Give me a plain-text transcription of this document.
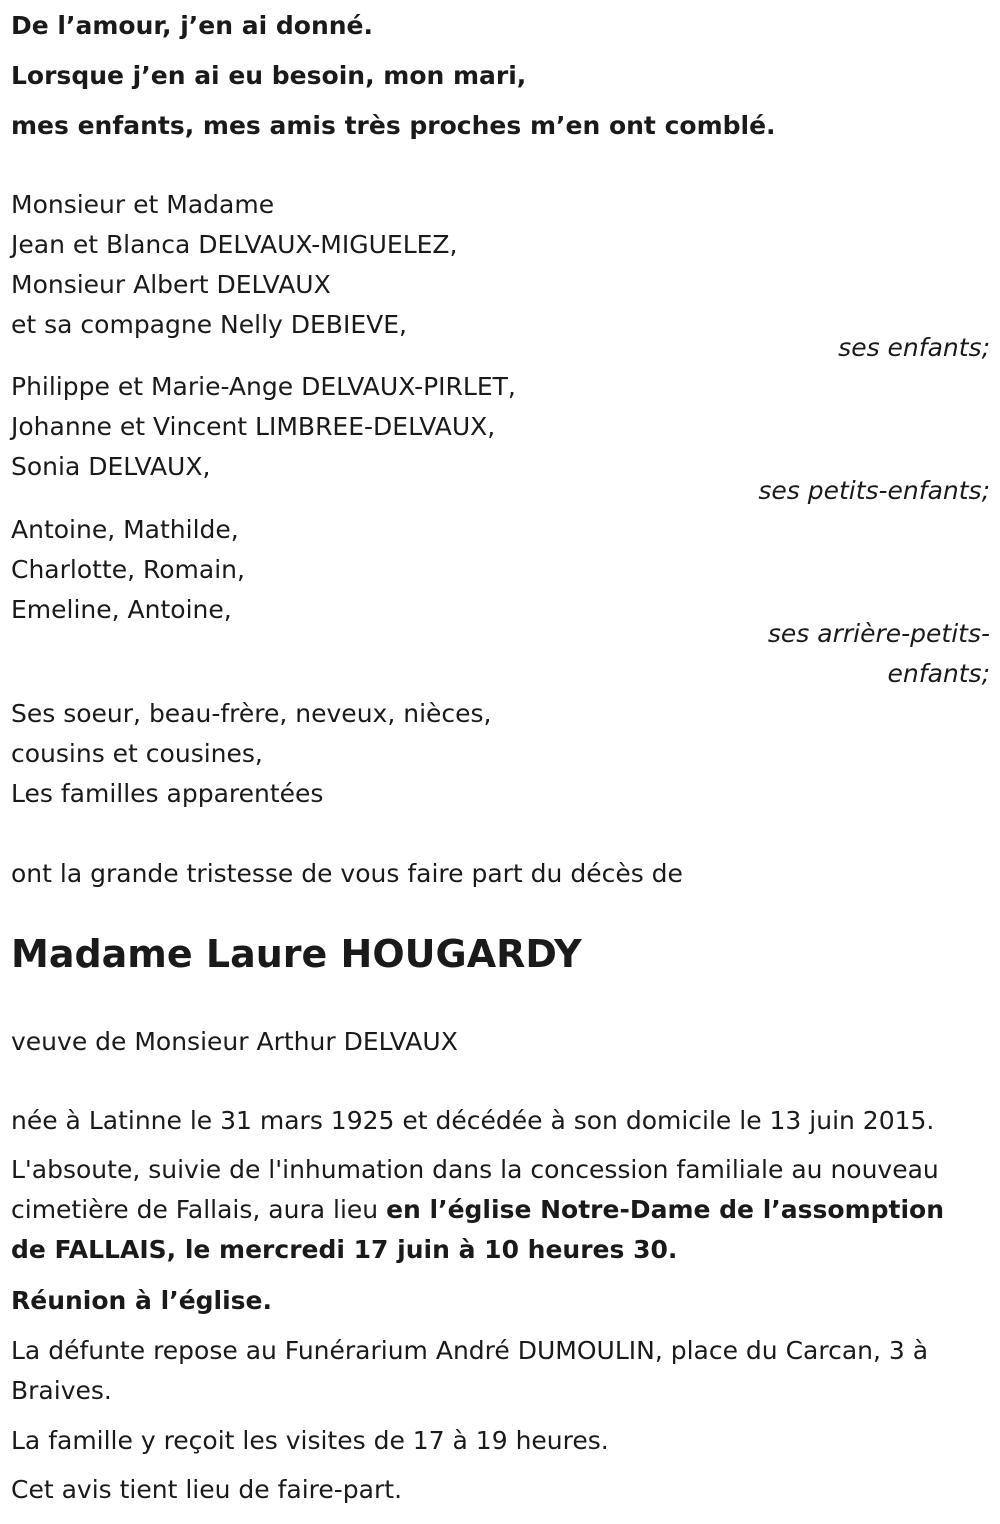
De l’amour, j’en ai donné.
Lorsque j’en ai eu besoin, mon mari,
mes enfants, mes amis très proches m’en ont comblé.
Monsieur et Madame
Jean et Blanca DELVAUX-MIGUELEZ,
Monsieur Albert DELVAUX
et sa compagne Nelly DEBIEVE,
ses enfants;
Philippe et Marie-Ange DELVAUX-PIRLET,
Johanne et Vincent LIMBREE-DELVAUX,
Sonia DELVAUX,
ses petits-enfants;
Antoine, Mathilde,
Charlotte, Romain,
Emeline, Antoine,
ses arrière-petits-
enfants;
Ses soeur, beau-frère, neveux, nièces,
cousins et cousines,
Les familles apparentées
ont la grande tristesse de vous faire part du décès de
Madame Laure HOUGARDY
veuve de Monsieur Arthur DELVAUX
née à Latinne le 31 mars 1925 et décédée à son domicile le 13 juin 2015.
L'absoute, suivie de l'inhumation dans la concession familiale au nouveau
cimetière de Fallais, aura lieu en l’église Notre-Dame de l’assomption
de FALLAIS, le mercredi 17 juin à 10 heures 30.
Réunion à l’église.
La défunte repose au Funérarium André DUMOULIN, place du Carcan, 3 à
Braives.
La famille y reçoit les visites de 17 à 19 heures.
Cet avis tient lieu de faire-part.
